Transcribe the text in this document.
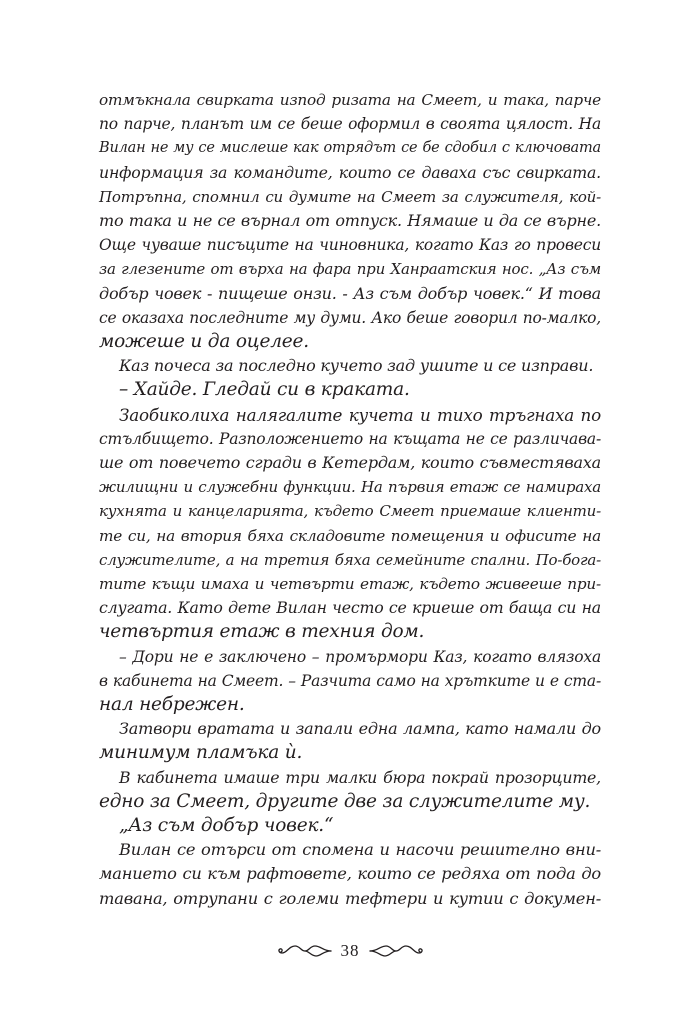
отмъкнала свирката изпод ризата на Смеет, и така, парче
по парче, планът им се беше оформил в своята цялост. На
Вилан не му се мислеше как отрядът се бе сдобил с ключовата
информация за командите, които се даваха със свирката.
Потръпна, спомнил си думите на Смеет за служителя, кой-
то така и не се върнал от отпуск. Нямаше и да се върне.
Още чуваше писъците на чиновника, когато Каз го провеси
за глезените от върха на фара при Ханраатския нос. „Аз съм
добър човек - пищеше онзи. - Аз съм добър човек.“ И това
се оказаха последните му думи. Ако беше говорил по-малко,
можеше и да оцелее.
Каз почеса за последно кучето зад ушите и се изправи.
– Хайде. Гледай си в краката.
Заобиколиха налягалите кучета и тихо тръгнаха по
стълбището. Разположението на къщата не се различава-
ше от повечето сгради в Кетердам, които съвместяваха
жилищни и служебни функции. На първия етаж се намираха
кухнята и канцеларията, където Смеет приемаше клиенти-
те си, на втория бяха складовите помещения и офисите на
служителите, а на третия бяха семейните спални. По-бога-
тите къщи имаха и четвърти етаж, където живееше при-
слугата. Като дете Вилан често се криеше от баща си на
четвъртия етаж в техния дом.
– Дори не е заключено – промърмори Каз, когато влязоха
в кабинета на Смеет. – Разчита само на хрътките и е ста-
нал небрежен.
Затвори вратата и запали една лампа, като намали до
минимум пламъка ѝ.
В кабинета имаше три малки бюра покрай прозорците,
едно за Смеет, другите две за служителите му.
„Аз съм добър човек.“
Вилан се отърси от спомена и насочи решително вни-
манието си към рафтовете, които се редяха от пода до
тавана, отрупани с големи тефтери и кутии с докумен-
38
